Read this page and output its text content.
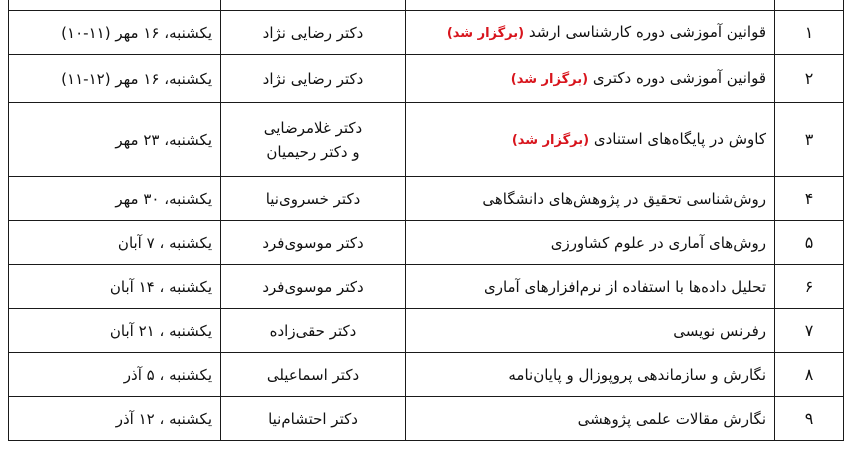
۱	قوانین آموزشی دوره کارشناسی ارشد (برگزار شد)	دکتر رضایی نژاد	یکشنبه، ۱۶ مهر (۱۱-۱۰)
۲	قوانین آموزشی دوره دکتری (برگزار شد)	دکتر رضایی نژاد	یکشنبه، ۱۶ مهر (۱۲-۱۱)
۳	کاوش در پایگاه‌های استنادی (برگزار شد)	دکتر غلامرضایی
و دکتر رحیمیان	یکشنبه، ۲۳ مهر
۴	روش‌شناسی تحقیق در پژوهش‌های دانشگاهی	دکتر خسروی‌نیا	یکشنبه، ۳۰ مهر
۵	روش‌های آماری در علوم کشاورزی	دکتر موسوی‌فرد	یکشنبه ، ۷ آبان
۶	تحلیل داده‌ها با استفاده از نرم‌افزارهای آماری	دکتر موسوی‌فرد	یکشنبه ، ۱۴ آبان
۷	رفرنس نویسی	دکتر حقی‌زاده	یکشنبه ، ۲۱ آبان
۸	نگارش و سازماندهی پروپوزال و پایان‌نامه	دکتر اسماعیلی	یکشنبه ، ۵ آذر
۹	نگارش مقالات علمی پژوهشی	دکتر احتشام‌نیا	یکشنبه ، ۱۲ آذر
